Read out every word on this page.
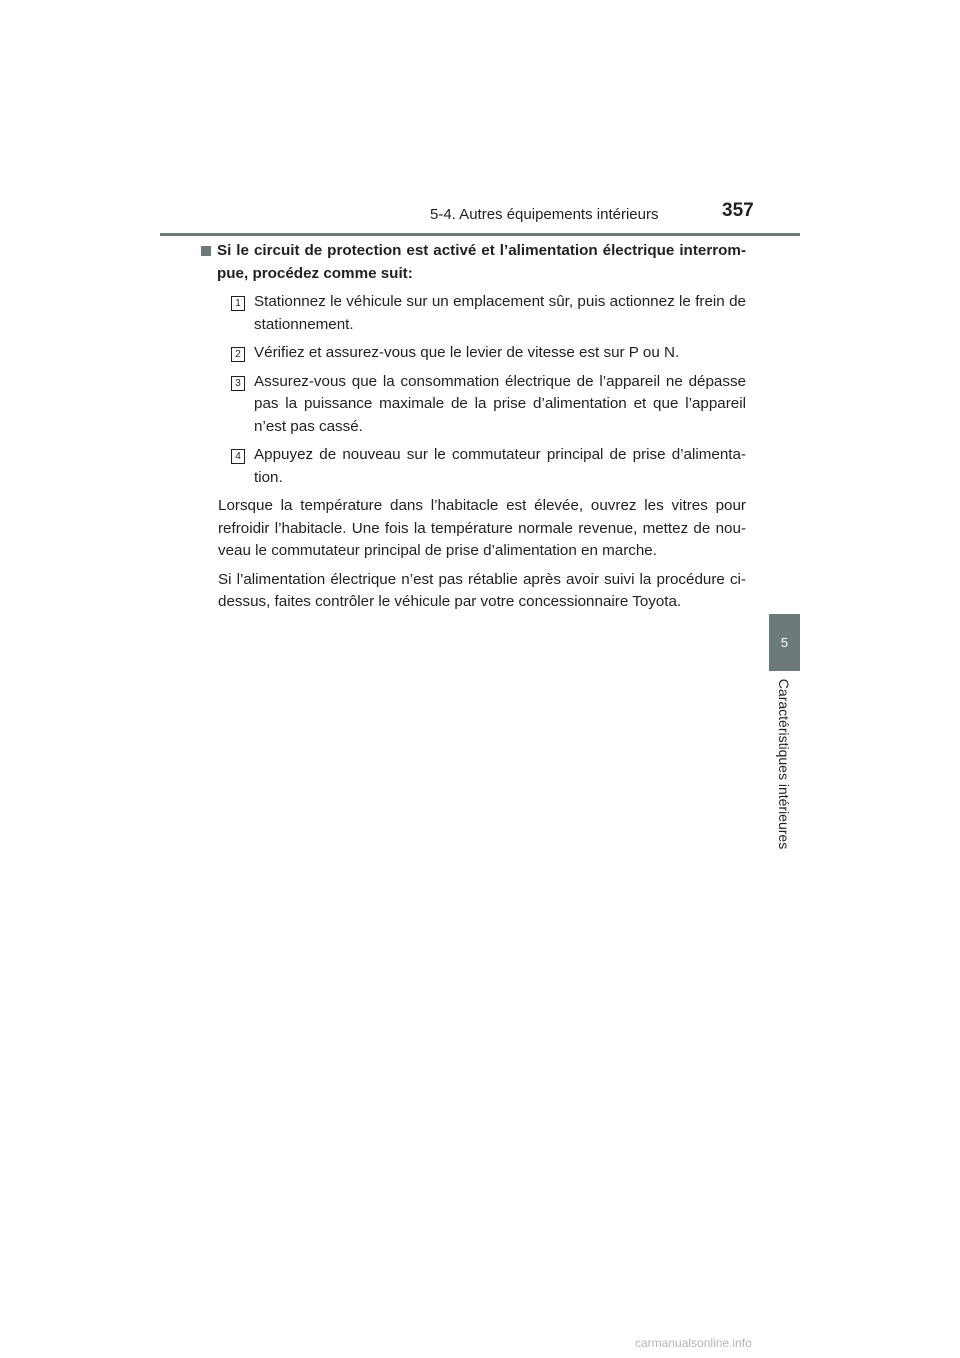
5-4. Autres équipements intérieurs	357
5
Caractéristiques intérieures
Si le circuit de protection est activé et l’alimentation électrique interrom-pue, procédez comme suit:
1 Stationnez le véhicule sur un emplacement sûr, puis actionnez le frein de stationnement.
2 Vérifiez et assurez-vous que le levier de vitesse est sur P ou N.
3 Assurez-vous que la consommation électrique de l’appareil ne dépasse pas la puissance maximale de la prise d’alimentation et que l’appareil n’est pas cassé.
4 Appuyez de nouveau sur le commutateur principal de prise d’alimenta-tion.
Lorsque la température dans l’habitacle est élevée, ouvrez les vitres pour refroidir l’habitacle. Une fois la température normale revenue, mettez de nou-veau le commutateur principal de prise d’alimentation en marche.
Si l’alimentation électrique n’est pas rétablie après avoir suivi la procédure ci-dessus, faites contrôler le véhicule par votre concessionnaire Toyota.
carmanualsonline.info
